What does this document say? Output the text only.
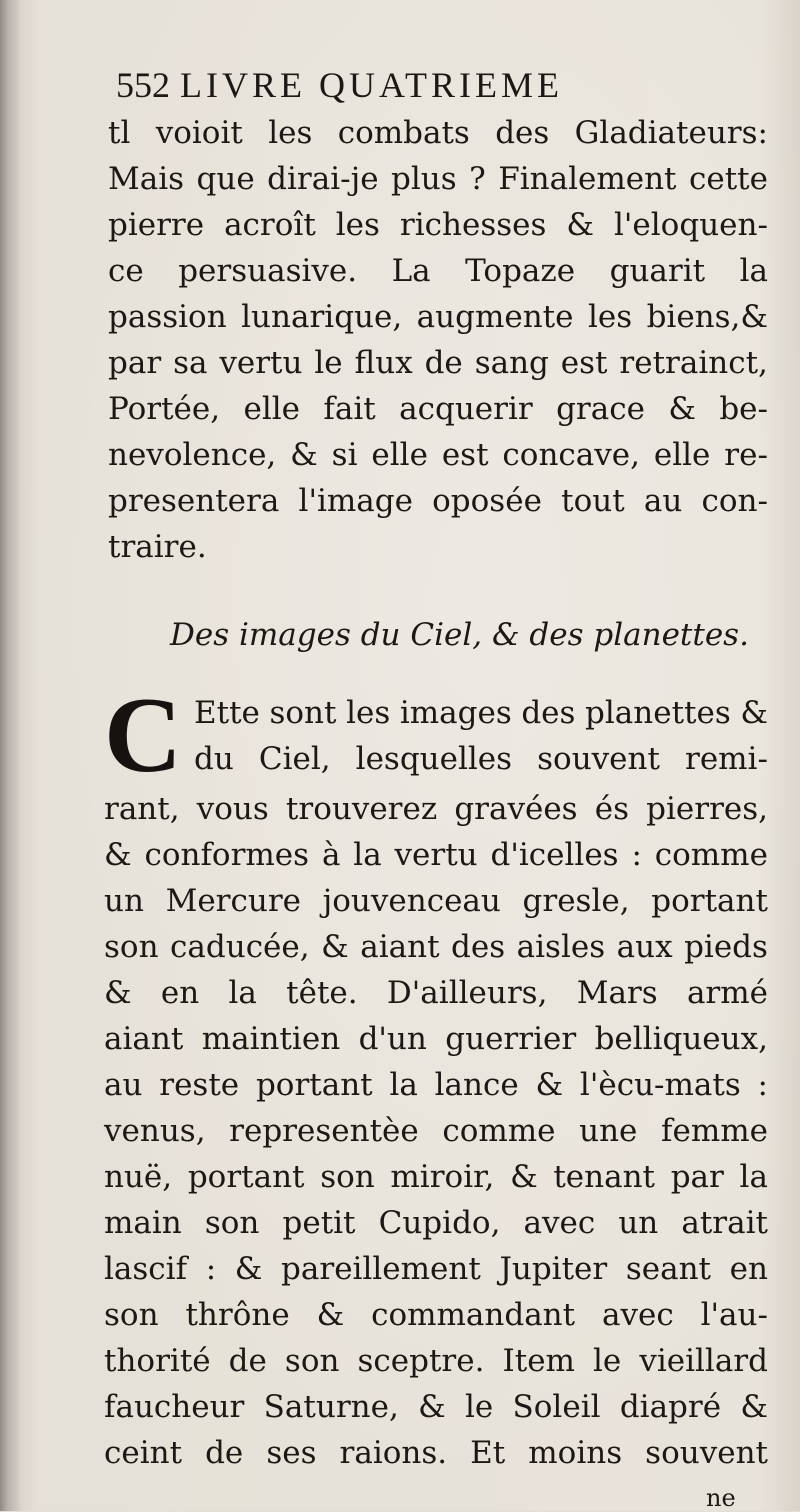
552 LIVRE QUATRIEME
tl voioit les combats des Gladiateurs:
Mais que dirai-je plus ? Finalement cette
pierre acroît les richesses & l'eloquen-
ce persuasive. La Topaze guarit la
passion lunarique, augmente les biens,&
par sa vertu le flux de sang est retrainct,
Portée, elle fait acquerir grace & be-
nevolence, & si elle est concave, elle re-
presentera l'image oposée tout au con-
traire.
Des images du Ciel, & des planettes.
C Ette sont les images des planettes &
du Ciel, lesquelles souvent remi-
rant, vous trouverez gravées és pierres,
& conformes à la vertu d'icelles : comme
un Mercure jouvenceau gresle, portant
son caducée, & aiant des aisles aux pieds
& en la tête. D'ailleurs, Mars armé
aiant maintien d'un guerrier belliqueux,
au reste portant la lance & l'ècu-mats :
venus, representèe comme une femme
nuë, portant son miroir, & tenant par la
main son petit Cupido, avec un atrait
lascif : & pareillement Jupiter seant en
son thrône & commandant avec l'au-
thorité de son sceptre. Item le vieillard
faucheur Saturne, & le Soleil diapré &
ceint de ses raions. Et moins souvent
ne
